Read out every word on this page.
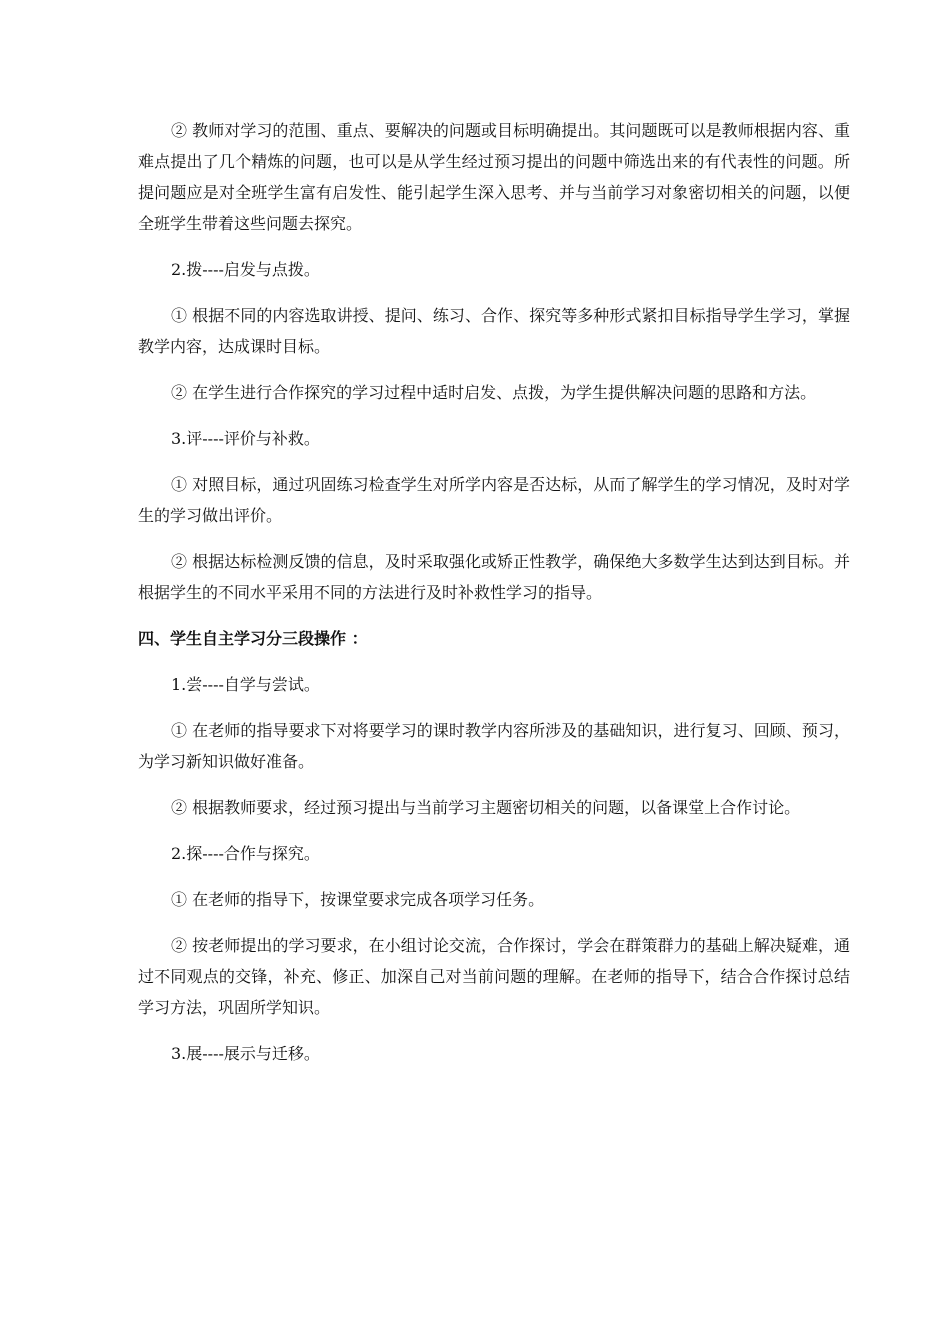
② 教师对学习的范围、重点、要解决的问题或目标明确提出。其问题既可以是教师根据内容、重难点提出了几个精炼的问题，也可以是从学生经过预习提出的问题中筛选出来的有代表性的问题。所提问题应是对全班学生富有启发性、能引起学生深入思考、并与当前学习对象密切相关的问题，以便全班学生带着这些问题去探究。

2.拨----启发与点拨。

① 根据不同的内容选取讲授、提问、练习、合作、探究等多种形式紧扣目标指导学生学习，掌握教学内容，达成课时目标。

② 在学生进行合作探究的学习过程中适时启发、点拨，为学生提供解决问题的思路和方法。

3.评----评价与补救。

① 对照目标，通过巩固练习检查学生对所学内容是否达标，从而了解学生的学习情况，及时对学生的学习做出评价。

② 根据达标检测反馈的信息，及时采取强化或矫正性教学，确保绝大多数学生达到达到目标。并根据学生的不同水平采用不同的方法进行及时补救性学习的指导。

四、学生自主学习分三段操作 ：

1.尝----自学与尝试。

① 在老师的指导要求下对将要学习的课时教学内容所涉及的基础知识，进行复习、回顾、预习，为学习新知识做好准备。

② 根据教师要求，经过预习提出与当前学习主题密切相关的问题，以备课堂上合作讨论。

2.探----合作与探究。

① 在老师的指导下，按课堂要求完成各项学习任务。

② 按老师提出的学习要求，在小组讨论交流，合作探讨，学会在群策群力的基础上解决疑难，通过不同观点的交锋，补充、修正、加深自己对当前问题的理解。在老师的指导下，结合合作探讨总结学习方法，巩固所学知识。

3.展----展示与迁移。
